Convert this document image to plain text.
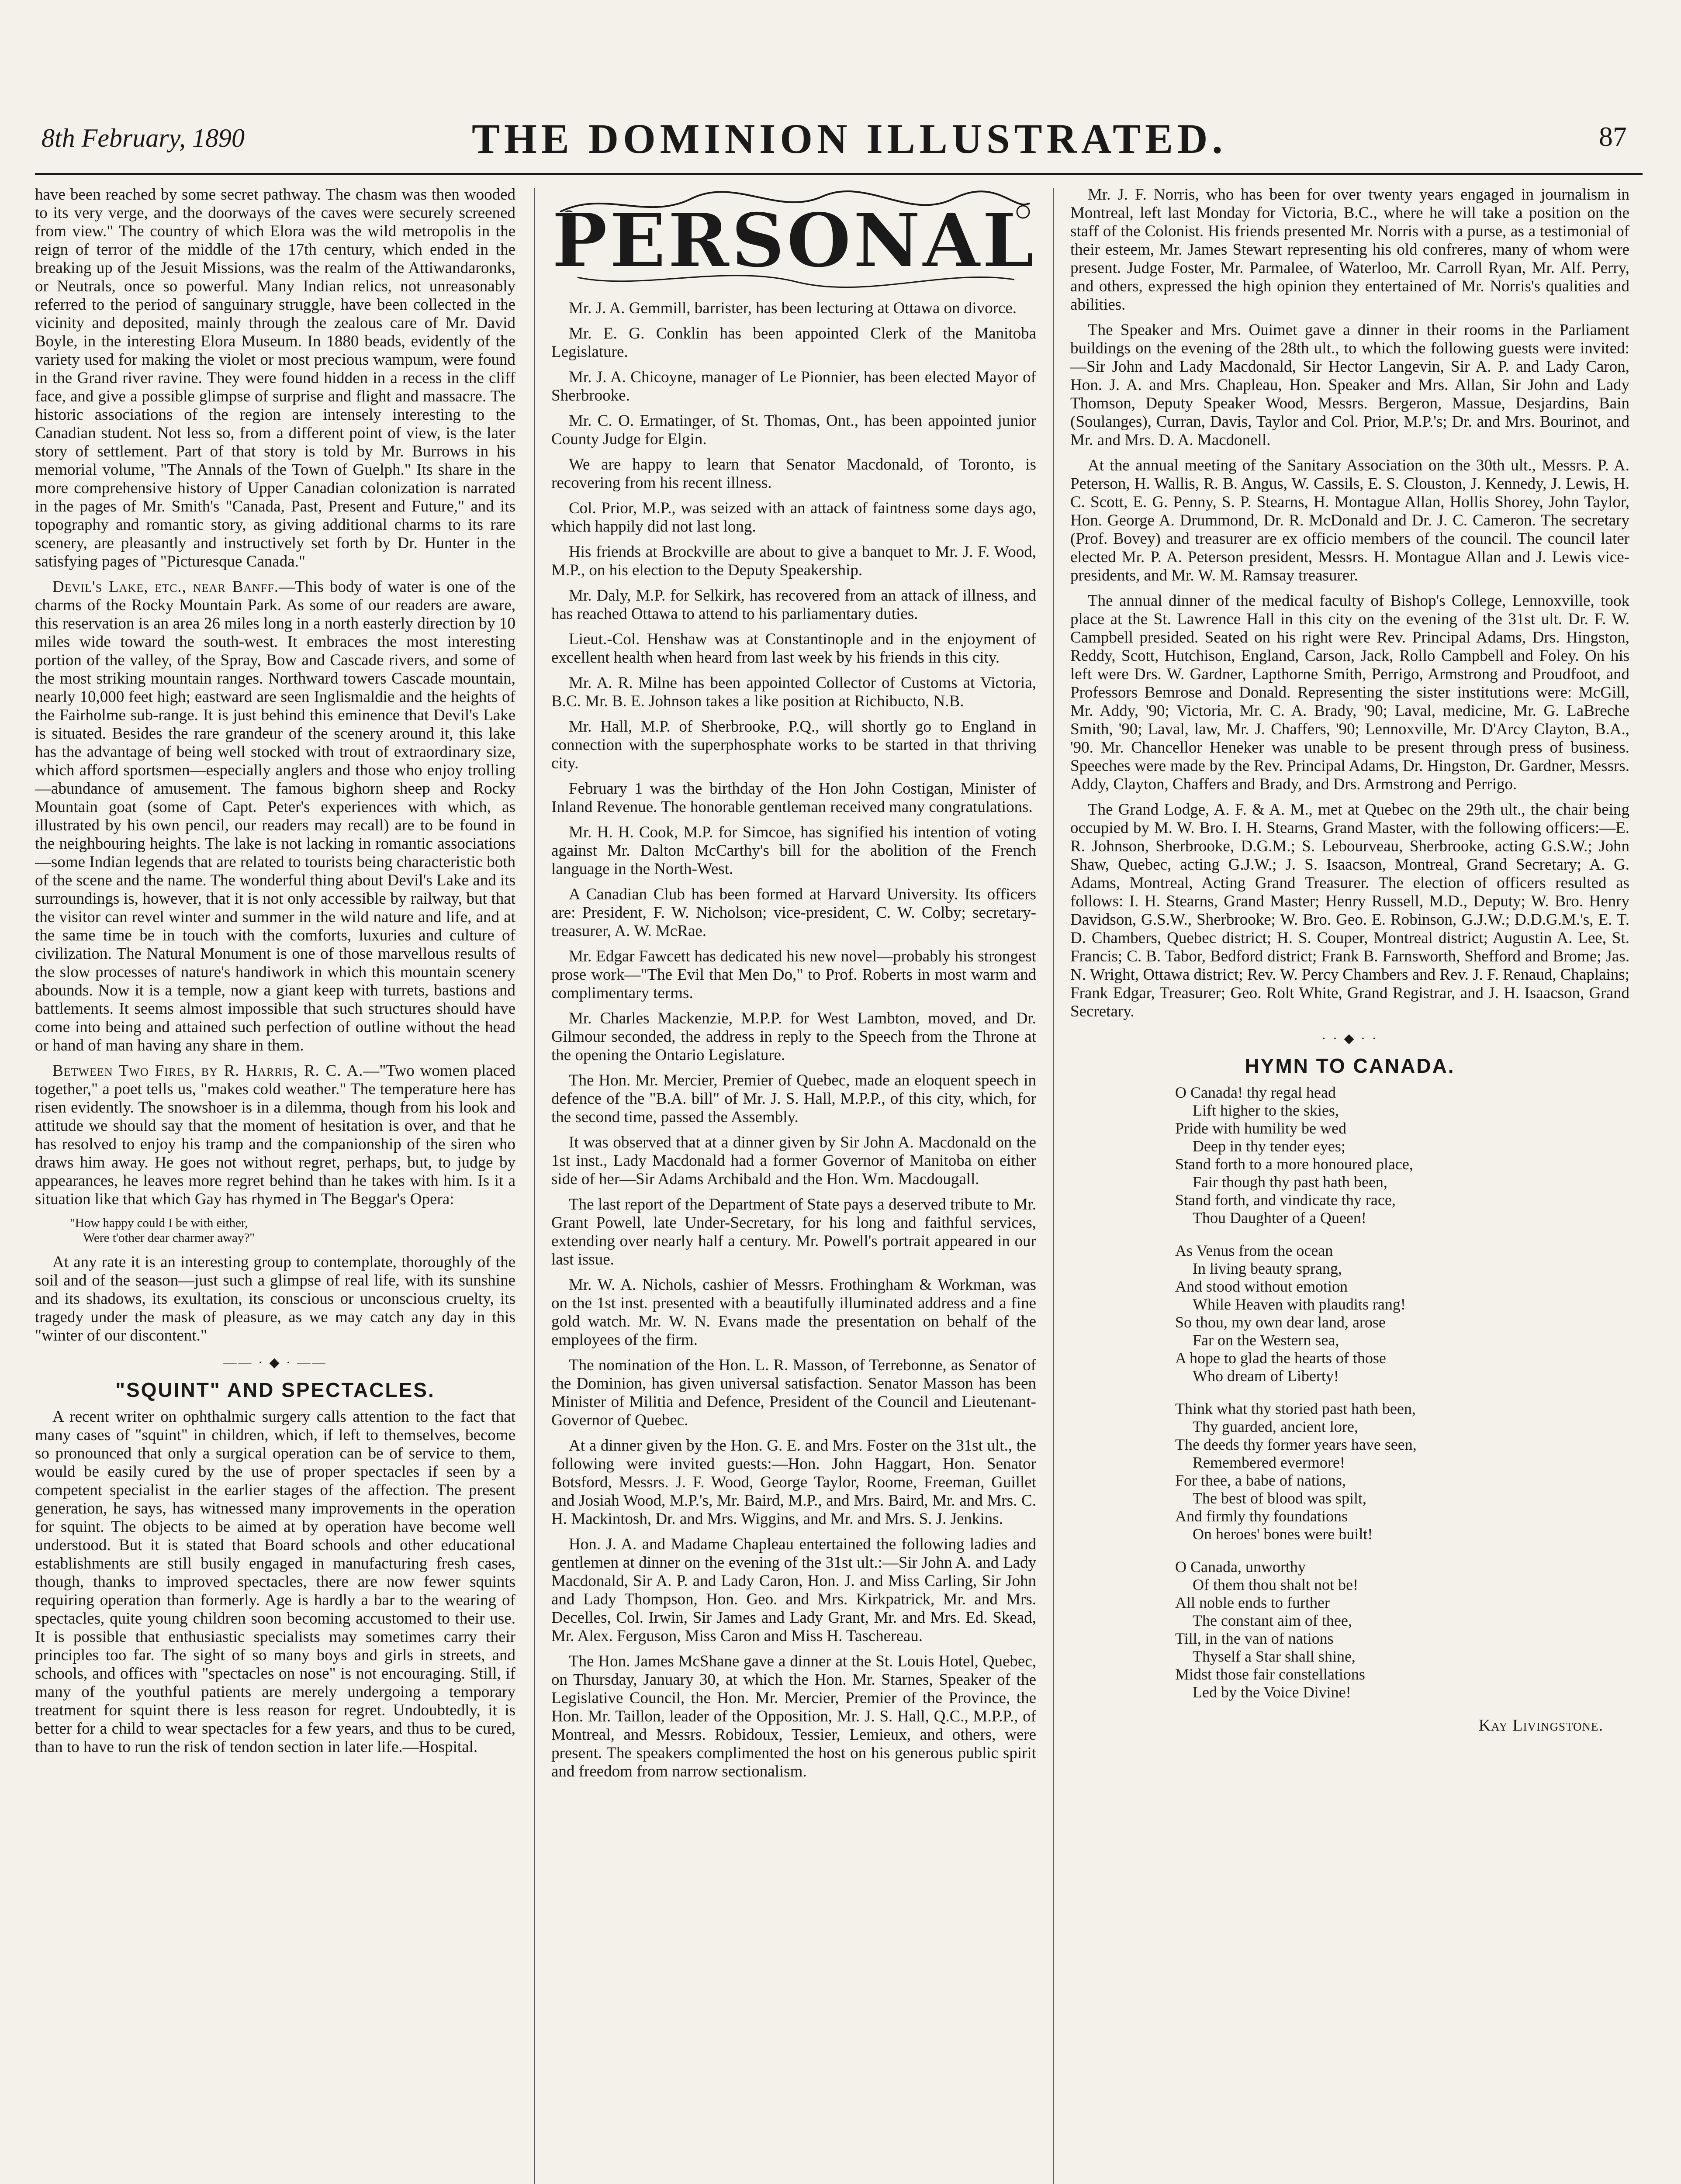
8th February, 1890	THE DOMINION ILLUSTRATED.	87

have been reached by some secret pathway. The chasm was then wooded to its very verge, and the doorways of the caves were securely screened from view." The country of which Elora was the wild metropolis in the reign of terror of the middle of the 17th century, which ended in the breaking up of the Jesuit Missions, was the realm of the Attiwandaronks, or Neutrals, once so powerful. Many Indian relics, not unreasonably referred to the period of sanguinary struggle, have been collected in the vicinity and deposited, mainly through the zealous care of Mr. David Boyle, in the interesting Elora Museum. In 1880 beads, evidently of the variety used for making the violet or most precious wampum, were found in the Grand river ravine. They were found hidden in a recess in the cliff face, and give a possible glimpse of surprise and flight and massacre. The historic associations of the region are intensely interesting to the Canadian student. Not less so, from a different point of view, is the later story of settlement. Part of that story is told by Mr. Burrows in his memorial volume, "The Annals of the Town of Guelph." Its share in the more comprehensive history of Upper Canadian colonization is narrated in the pages of Mr. Smith's "Canada, Past, Present and Future," and its topography and romantic story, as giving additional charms to its rare scenery, are pleasantly and instructively set forth by Dr. Hunter in the satisfying pages of "Picturesque Canada."

Devil's Lake, etc., near Banff.—This body of water is one of the charms of the Rocky Mountain Park. As some of our readers are aware, this reservation is an area 26 miles long in a north easterly direction by 10 miles wide toward the south-west. It embraces the most interesting portion of the valley, of the Spray, Bow and Cascade rivers, and some of the most striking mountain ranges. Northward towers Cascade mountain, nearly 10,000 feet high; eastward are seen Inglismaldie and the heights of the Fairholme sub-range. It is just behind this eminence that Devil's Lake is situated. Besides the rare grandeur of the scenery around it, this lake has the advantage of being well stocked with trout of extraordinary size, which afford sportsmen—especially anglers and those who enjoy trolling—abundance of amusement. The famous bighorn sheep and Rocky Mountain goat (some of Capt. Peter's experiences with which, as illustrated by his own pencil, our readers may recall) are to be found in the neighbouring heights. The lake is not lacking in romantic associations—some Indian legends that are related to tourists being characteristic both of the scene and the name. The wonderful thing about Devil's Lake and its surroundings is, however, that it is not only accessible by railway, but that the visitor can revel winter and summer in the wild nature and life, and at the same time be in touch with the comforts, luxuries and culture of civilization. The Natural Monument is one of those marvellous results of the slow processes of nature's handiwork in which this mountain scenery abounds. Now it is a temple, now a giant keep with turrets, bastions and battlements. It seems almost impossible that such structures should have come into being and attained such perfection of outline without the head or hand of man having any share in them.

Between Two Fires, by R. Harris, R. C. A.—"Two women placed together," a poet tells us, "makes cold weather." The temperature here has risen evidently. The snowshoer is in a dilemma, though from his look and attitude we should say that the moment of hesitation is over, and that he has resolved to enjoy his tramp and the companionship of the siren who draws him away. He goes not without regret, perhaps, but, to judge by appearances, he leaves more regret behind than he takes with him. Is it a situation like that which Gay has rhymed in The Beggar's Opera:

"How happy could I be with either,
Were t'other dear charmer away?"

At any rate it is an interesting group to contemplate, thoroughly of the soil and of the season—just such a glimpse of real life, with its sunshine and its shadows, its exultation, its conscious or unconscious cruelty, its tragedy under the mask of pleasure, as we may catch any day in this "winter of our discontent."

—— · ◆ · ——
"SQUINT" AND SPECTACLES.

A recent writer on ophthalmic surgery calls attention to the fact that many cases of "squint" in children, which, if left to themselves, become so pronounced that only a surgical operation can be of service to them, would be easily cured by the use of proper spectacles if seen by a competent specialist in the earlier stages of the affection. The present generation, he says, has witnessed many improvements in the operation for squint. The objects to be aimed at by operation have become well understood. But it is stated that Board schools and other educational establishments are still busily engaged in manufacturing fresh cases, though, thanks to improved spectacles, there are now fewer squints requiring operation than formerly. Age is hardly a bar to the wearing of spectacles, quite young children soon becoming accustomed to their use. It is possible that enthusiastic specialists may sometimes carry their principles too far. The sight of so many boys and girls in streets, and schools, and offices with "spectacles on nose" is not encouraging. Still, if many of the youthful patients are merely undergoing a temporary treatment for squint there is less reason for regret. Undoubtedly, it is better for a child to wear spectacles for a few years, and thus to be cured, than to have to run the risk of tendon section in later life.—Hospital.

PERSONAL

Mr. J. A. Gemmill, barrister, has been lecturing at Ottawa on divorce.

Mr. E. G. Conklin has been appointed Clerk of the Manitoba Legislature.

Mr. J. A. Chicoyne, manager of Le Pionnier, has been elected Mayor of Sherbrooke.

Mr. C. O. Ermatinger, of St. Thomas, Ont., has been appointed junior County Judge for Elgin.

We are happy to learn that Senator Macdonald, of Toronto, is recovering from his recent illness.

Col. Prior, M.P., was seized with an attack of faintness some days ago, which happily did not last long.

His friends at Brockville are about to give a banquet to Mr. J. F. Wood, M.P., on his election to the Deputy Speakership.

Mr. Daly, M.P. for Selkirk, has recovered from an attack of illness, and has reached Ottawa to attend to his parliamentary duties.

Lieut.-Col. Henshaw was at Constantinople and in the enjoyment of excellent health when heard from last week by his friends in this city.

Mr. A. R. Milne has been appointed Collector of Customs at Victoria, B.C. Mr. B. E. Johnson takes a like position at Richibucto, N.B.

Mr. Hall, M.P. of Sherbrooke, P.Q., will shortly go to England in connection with the superphosphate works to be started in that thriving city.

February 1 was the birthday of the Hon John Costigan, Minister of Inland Revenue. The honorable gentleman received many congratulations.

Mr. H. H. Cook, M.P. for Simcoe, has signified his intention of voting against Mr. Dalton McCarthy's bill for the abolition of the French language in the North-West.

A Canadian Club has been formed at Harvard University. Its officers are: President, F. W. Nicholson; vice-president, C. W. Colby; secretary-treasurer, A. W. McRae.

Mr. Edgar Fawcett has dedicated his new novel—probably his strongest prose work—"The Evil that Men Do," to Prof. Roberts in most warm and complimentary terms.

Mr. Charles Mackenzie, M.P.P. for West Lambton, moved, and Dr. Gilmour seconded, the address in reply to the Speech from the Throne at the opening the Ontario Legislature.

The Hon. Mr. Mercier, Premier of Quebec, made an eloquent speech in defence of the "B.A. bill" of Mr. J. S. Hall, M.P.P., of this city, which, for the second time, passed the Assembly.

It was observed that at a dinner given by Sir John A. Macdonald on the 1st inst., Lady Macdonald had a former Governor of Manitoba on either side of her—Sir Adams Archibald and the Hon. Wm. Macdougall.

The last report of the Department of State pays a deserved tribute to Mr. Grant Powell, late Under-Secretary, for his long and faithful services, extending over nearly half a century. Mr. Powell's portrait appeared in our last issue.

Mr. W. A. Nichols, cashier of Messrs. Frothingham & Workman, was on the 1st inst. presented with a beautifully illuminated address and a fine gold watch. Mr. W. N. Evans made the presentation on behalf of the employees of the firm.

The nomination of the Hon. L. R. Masson, of Terrebonne, as Senator of the Dominion, has given universal satisfaction. Senator Masson has been Minister of Militia and Defence, President of the Council and Lieutenant-Governor of Quebec.

At a dinner given by the Hon. G. E. and Mrs. Foster on the 31st ult., the following were invited guests:—Hon. John Haggart, Hon. Senator Botsford, Messrs. J. F. Wood, George Taylor, Roome, Freeman, Guillet and Josiah Wood, M.P.'s, Mr. Baird, M.P., and Mrs. Baird, Mr. and Mrs. C. H. Mackintosh, Dr. and Mrs. Wiggins, and Mr. and Mrs. S. J. Jenkins.

Hon. J. A. and Madame Chapleau entertained the following ladies and gentlemen at dinner on the evening of the 31st ult.:—Sir John A. and Lady Macdonald, Sir A. P. and Lady Caron, Hon. J. and Miss Carling, Sir John and Lady Thompson, Hon. Geo. and Mrs. Kirkpatrick, Mr. and Mrs. Decelles, Col. Irwin, Sir James and Lady Grant, Mr. and Mrs. Ed. Skead, Mr. Alex. Ferguson, Miss Caron and Miss H. Taschereau.

The Hon. James McShane gave a dinner at the St. Louis Hotel, Quebec, on Thursday, January 30, at which the Hon. Mr. Starnes, Speaker of the Legislative Council, the Hon. Mr. Mercier, Premier of the Province, the Hon. Mr. Taillon, leader of the Opposition, Mr. J. S. Hall, Q.C., M.P.P., of Montreal, and Messrs. Robidoux, Tessier, Lemieux, and others, were present. The speakers complimented the host on his generous public spirit and freedom from narrow sectionalism.

Mr. J. F. Norris, who has been for over twenty years engaged in journalism in Montreal, left last Monday for Victoria, B.C., where he will take a position on the staff of the Colonist. His friends presented Mr. Norris with a purse, as a testimonial of their esteem, Mr. James Stewart representing his old confreres, many of whom were present. Judge Foster, Mr. Parmalee, of Waterloo, Mr. Carroll Ryan, Mr. Alf. Perry, and others, expressed the high opinion they entertained of Mr. Norris's qualities and abilities.

The Speaker and Mrs. Ouimet gave a dinner in their rooms in the Parliament buildings on the evening of the 28th ult., to which the following guests were invited:—Sir John and Lady Macdonald, Sir Hector Langevin, Sir A. P. and Lady Caron, Hon. J. A. and Mrs. Chapleau, Hon. Speaker and Mrs. Allan, Sir John and Lady Thomson, Deputy Speaker Wood, Messrs. Bergeron, Massue, Desjardins, Bain (Soulanges), Curran, Davis, Taylor and Col. Prior, M.P.'s; Dr. and Mrs. Bourinot, and Mr. and Mrs. D. A. Macdonell.

At the annual meeting of the Sanitary Association on the 30th ult., Messrs. P. A. Peterson, H. Wallis, R. B. Angus, W. Cassils, E. S. Clouston, J. Kennedy, J. Lewis, H. C. Scott, E. G. Penny, S. P. Stearns, H. Montague Allan, Hollis Shorey, John Taylor, Hon. George A. Drummond, Dr. R. McDonald and Dr. J. C. Cameron. The secretary (Prof. Bovey) and treasurer are ex officio members of the council. The council later elected Mr. P. A. Peterson president, Messrs. H. Montague Allan and J. Lewis vice-presidents, and Mr. W. M. Ramsay treasurer.

The annual dinner of the medical faculty of Bishop's College, Lennoxville, took place at the St. Lawrence Hall in this city on the evening of the 31st ult. Dr. F. W. Campbell presided. Seated on his right were Rev. Principal Adams, Drs. Hingston, Reddy, Scott, Hutchison, England, Carson, Jack, Rollo Campbell and Foley. On his left were Drs. W. Gardner, Lapthorne Smith, Perrigo, Armstrong and Proudfoot, and Professors Bemrose and Donald. Representing the sister institutions were: McGill, Mr. Addy, '90; Victoria, Mr. C. A. Brady, '90; Laval, medicine, Mr. G. LaBreche Smith, '90; Laval, law, Mr. J. Chaffers, '90; Lennoxville, Mr. D'Arcy Clayton, B.A., '90. Mr. Chancellor Heneker was unable to be present through press of business. Speeches were made by the Rev. Principal Adams, Dr. Hingston, Dr. Gardner, Messrs. Addy, Clayton, Chaffers and Brady, and Drs. Armstrong and Perrigo.

The Grand Lodge, A. F. & A. M., met at Quebec on the 29th ult., the chair being occupied by M. W. Bro. I. H. Stearns, Grand Master, with the following officers:—E. R. Johnson, Sherbrooke, D.G.M.; S. Lebourveau, Sherbrooke, acting G.S.W.; John Shaw, Quebec, acting G.J.W.; J. S. Isaacson, Montreal, Grand Secretary; A. G. Adams, Montreal, Acting Grand Treasurer. The election of officers resulted as follows: I. H. Stearns, Grand Master; Henry Russell, M.D., Deputy; W. Bro. Henry Davidson, G.S.W., Sherbrooke; W. Bro. Geo. E. Robinson, G.J.W.; D.D.G.M.'s, E. T. D. Chambers, Quebec district; H. S. Couper, Montreal district; Augustin A. Lee, St. Francis; C. B. Tabor, Bedford district; Frank B. Farnsworth, Shefford and Brome; Jas. N. Wright, Ottawa district; Rev. W. Percy Chambers and Rev. J. F. Renaud, Chaplains; Frank Edgar, Treasurer; Geo. Rolt White, Grand Registrar, and J. H. Isaacson, Grand Secretary.

· · ◆ · ·
HYMN TO CANADA.
O Canada! thy regal head
Lift higher to the skies,
Pride with humility be wed
Deep in thy tender eyes;
Stand forth to a more honoured place,
Fair though thy past hath been,
Stand forth, and vindicate thy race,
Thou Daughter of a Queen!
As Venus from the ocean
In living beauty sprang,
And stood without emotion
While Heaven with plaudits rang!
So thou, my own dear land, arose
Far on the Western sea,
A hope to glad the hearts of those
Who dream of Liberty!
Think what thy storied past hath been,
Thy guarded, ancient lore,
The deeds thy former years have seen,
Remembered evermore!
For thee, a babe of nations,
The best of blood was spilt,
And firmly thy foundations
On heroes' bones were built!
O Canada, unworthy
Of them thou shalt not be!
All noble ends to further
The constant aim of thee,
Till, in the van of nations
Thyself a Star shall shine,
Midst those fair constellations
Led by the Voice Divine!
Kay Livingstone.
